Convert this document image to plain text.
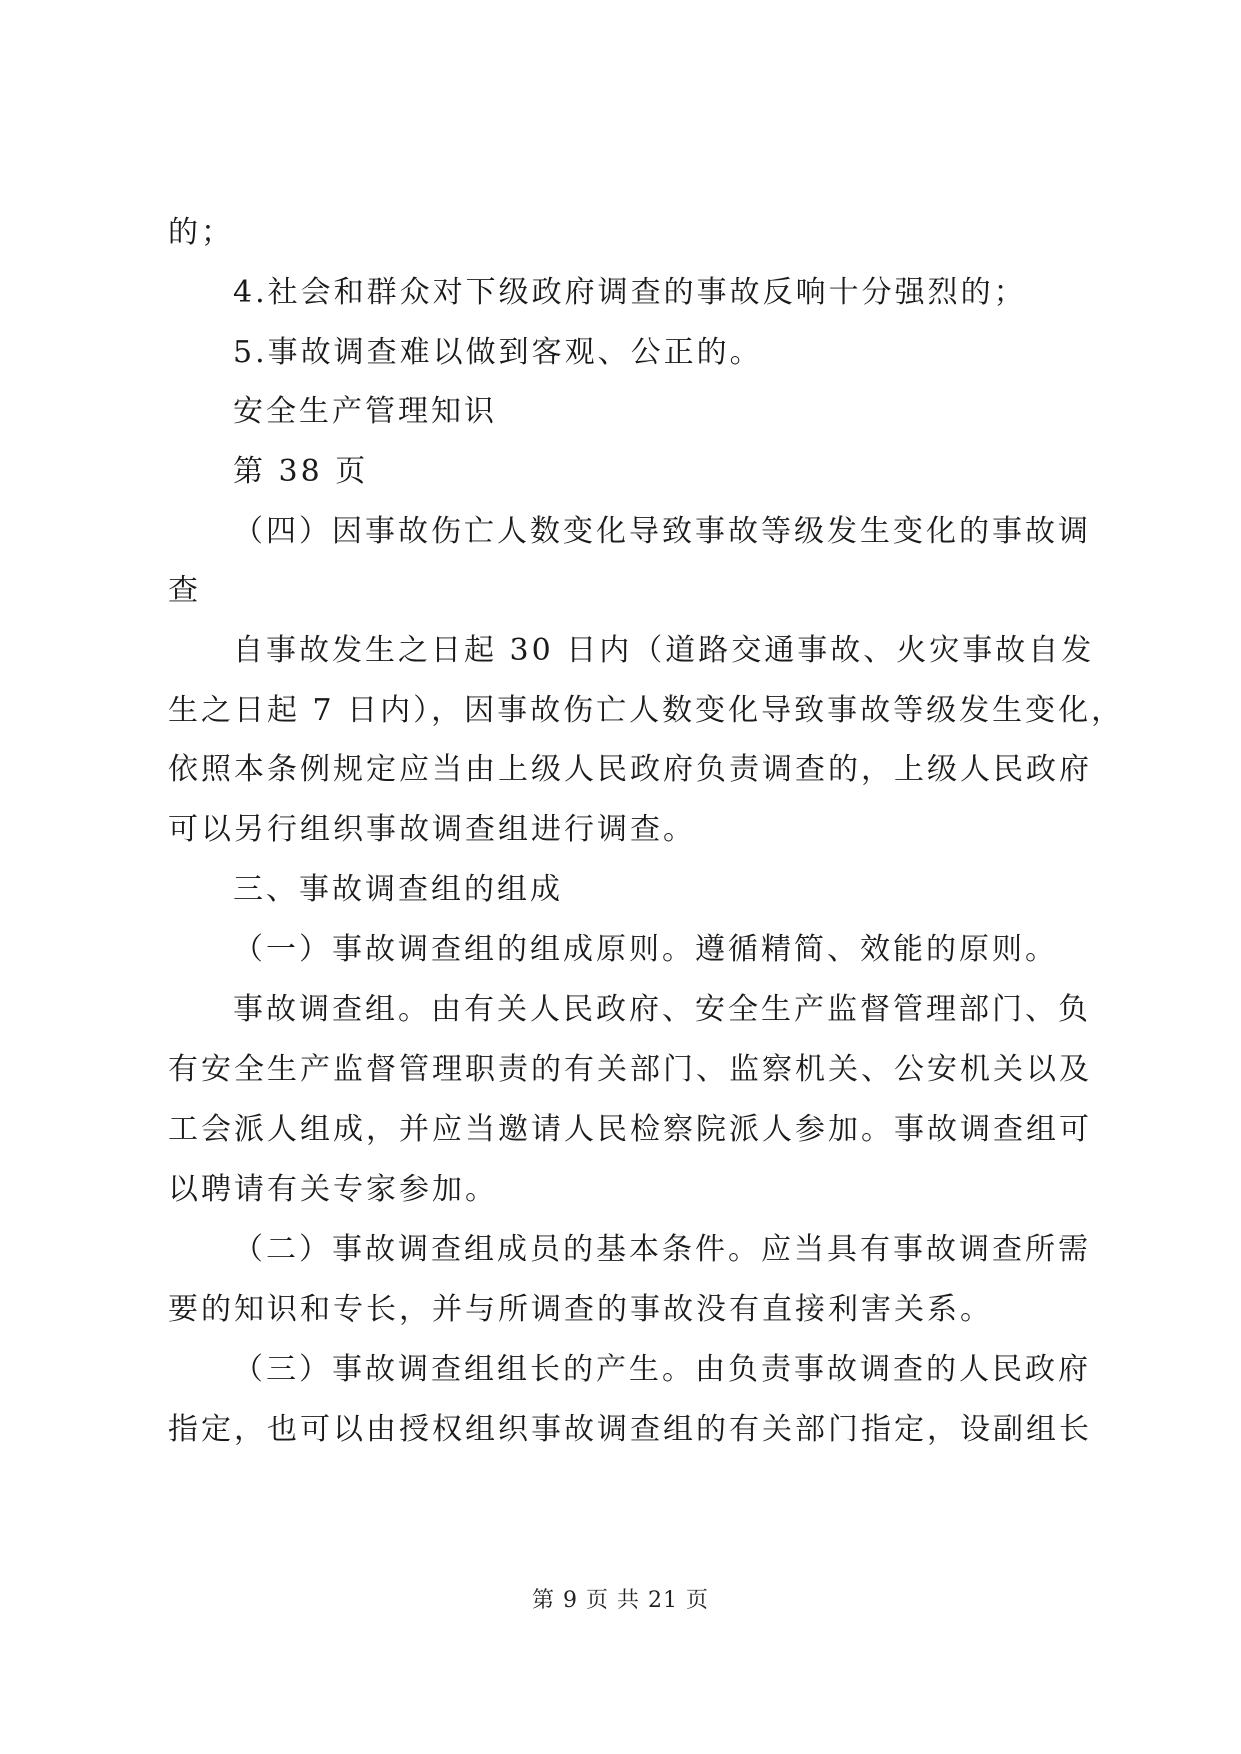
的；
4.社会和群众对下级政府调查的事故反响十分强烈的；
5.事故调查难以做到客观、公正的。
安全生产管理知识
第 38 页
（四）因事故伤亡人数变化导致事故等级发生变化的事故调
查
自事故发生之日起 30 日内（道路交通事故、火灾事故自发
生之日起 7 日内），因事故伤亡人数变化导致事故等级发生变化，
依照本条例规定应当由上级人民政府负责调查的，上级人民政府
可以另行组织事故调查组进行调查。
三、事故调查组的组成
（一）事故调查组的组成原则。遵循精简、效能的原则。
事故调查组。由有关人民政府、安全生产监督管理部门、负
有安全生产监督管理职责的有关部门、监察机关、公安机关以及
工会派人组成，并应当邀请人民检察院派人参加。事故调查组可
以聘请有关专家参加。
（二）事故调查组成员的基本条件。应当具有事故调查所需
要的知识和专长，并与所调查的事故没有直接利害关系。
（三）事故调查组组长的产生。由负责事故调查的人民政府
指定，也可以由授权组织事故调查组的有关部门指定，设副组长
第 9 页 共 21 页
